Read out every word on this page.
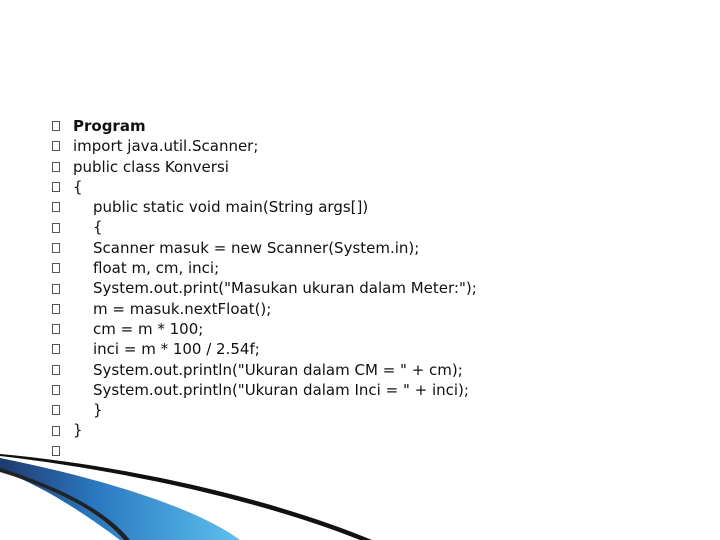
Program
import java.util.Scanner;
public class Konversi
{
public static void main(String args[])
{
Scanner masuk = new Scanner(System.in);
float m, cm, inci;
System.out.print("Masukan ukuran dalam Meter:");
m = masuk.nextFloat();
cm = m * 100;
inci = m * 100 / 2.54f;
System.out.println("Ukuran dalam CM = " + cm);
System.out.println("Ukuran dalam Inci = " + inci);
}
}
